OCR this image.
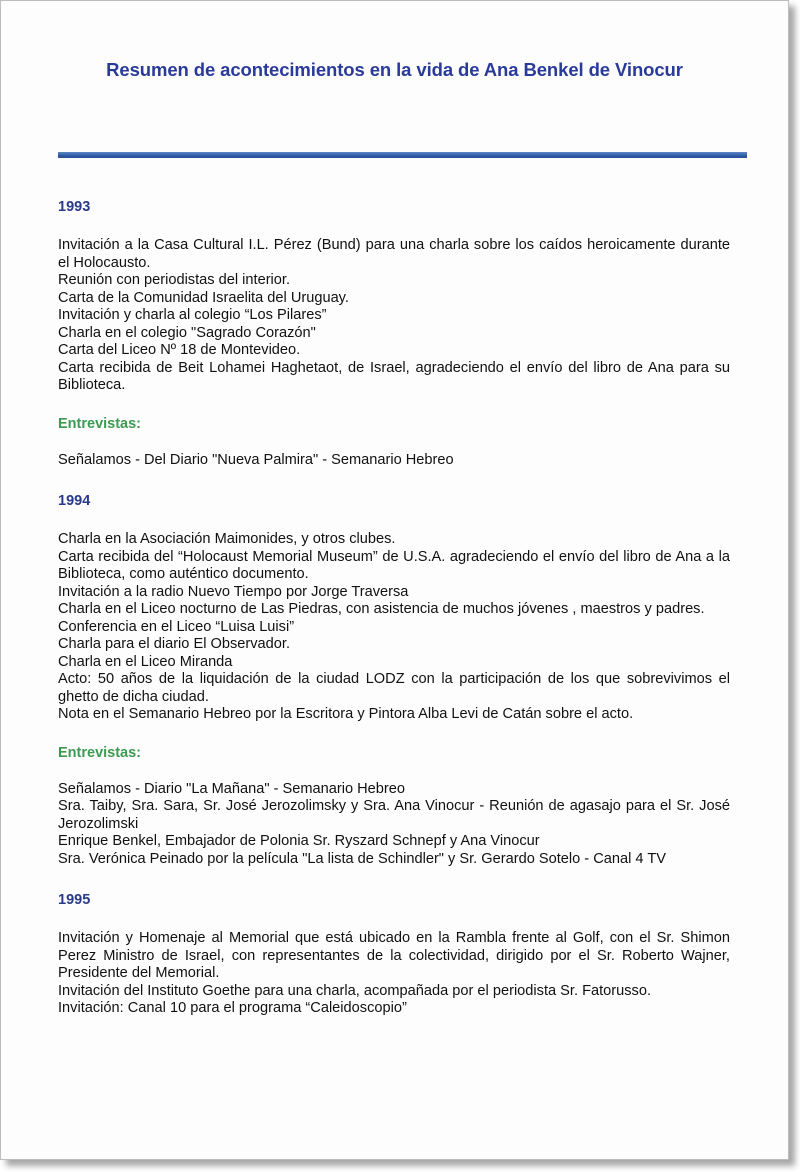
Resumen de acontecimientos en la vida de Ana Benkel de Vinocur
1993

Invitación a la Casa Cultural I.L. Pérez (Bund) para una charla sobre los caídos heroicamente durante el Holocausto.

Reunión con periodistas del interior.

Carta de la Comunidad Israelita del Uruguay.

Invitación y charla al colegio “Los Pilares”

Charla en el colegio "Sagrado Corazón"

Carta del Liceo Nº 18 de Montevideo.

Carta recibida de Beit Lohamei Haghetaot, de Israel, agradeciendo el envío del libro de Ana para su Biblioteca.

Entrevistas:

Señalamos - Del Diario "Nueva Palmira" - Semanario Hebreo

1994

Charla en la Asociación Maimonides, y otros clubes.

Carta recibida del “Holocaust Memorial Museum” de U.S.A. agradeciendo el envío del libro de Ana a la Biblioteca, como auténtico documento.

Invitación a la radio Nuevo Tiempo por Jorge Traversa

Charla en el Liceo nocturno de Las Piedras, con asistencia de muchos jóvenes , maestros y padres.

Conferencia en el Liceo “Luisa Luisi”

Charla para el diario El Observador.

Charla en el Liceo Miranda

Acto: 50 años de la liquidación de la ciudad LODZ con la participación de los que sobrevivimos el ghetto de dicha ciudad.

Nota en el Semanario Hebreo por la Escritora y Pintora Alba Levi de Catán sobre el acto.

Entrevistas:

Señalamos - Diario "La Mañana" - Semanario Hebreo

Sra. Taiby, Sra. Sara, Sr. José Jerozolimsky y Sra. Ana Vinocur - Reunión de agasajo para el Sr. José Jerozolimski

Enrique Benkel, Embajador de Polonia Sr. Ryszard Schnepf y Ana Vinocur

Sra. Verónica Peinado por la película "La lista de Schindler" y Sr. Gerardo Sotelo - Canal 4 TV

1995

Invitación y Homenaje al Memorial que está ubicado en la Rambla frente al Golf, con el Sr. Shimon Perez Ministro de Israel, con representantes de la colectividad, dirigido por el Sr. Roberto Wajner, Presidente del Memorial.

Invitación del Instituto Goethe para una charla, acompañada por el periodista Sr. Fatorusso.

Invitación: Canal 10 para el programa “Caleidoscopio”
